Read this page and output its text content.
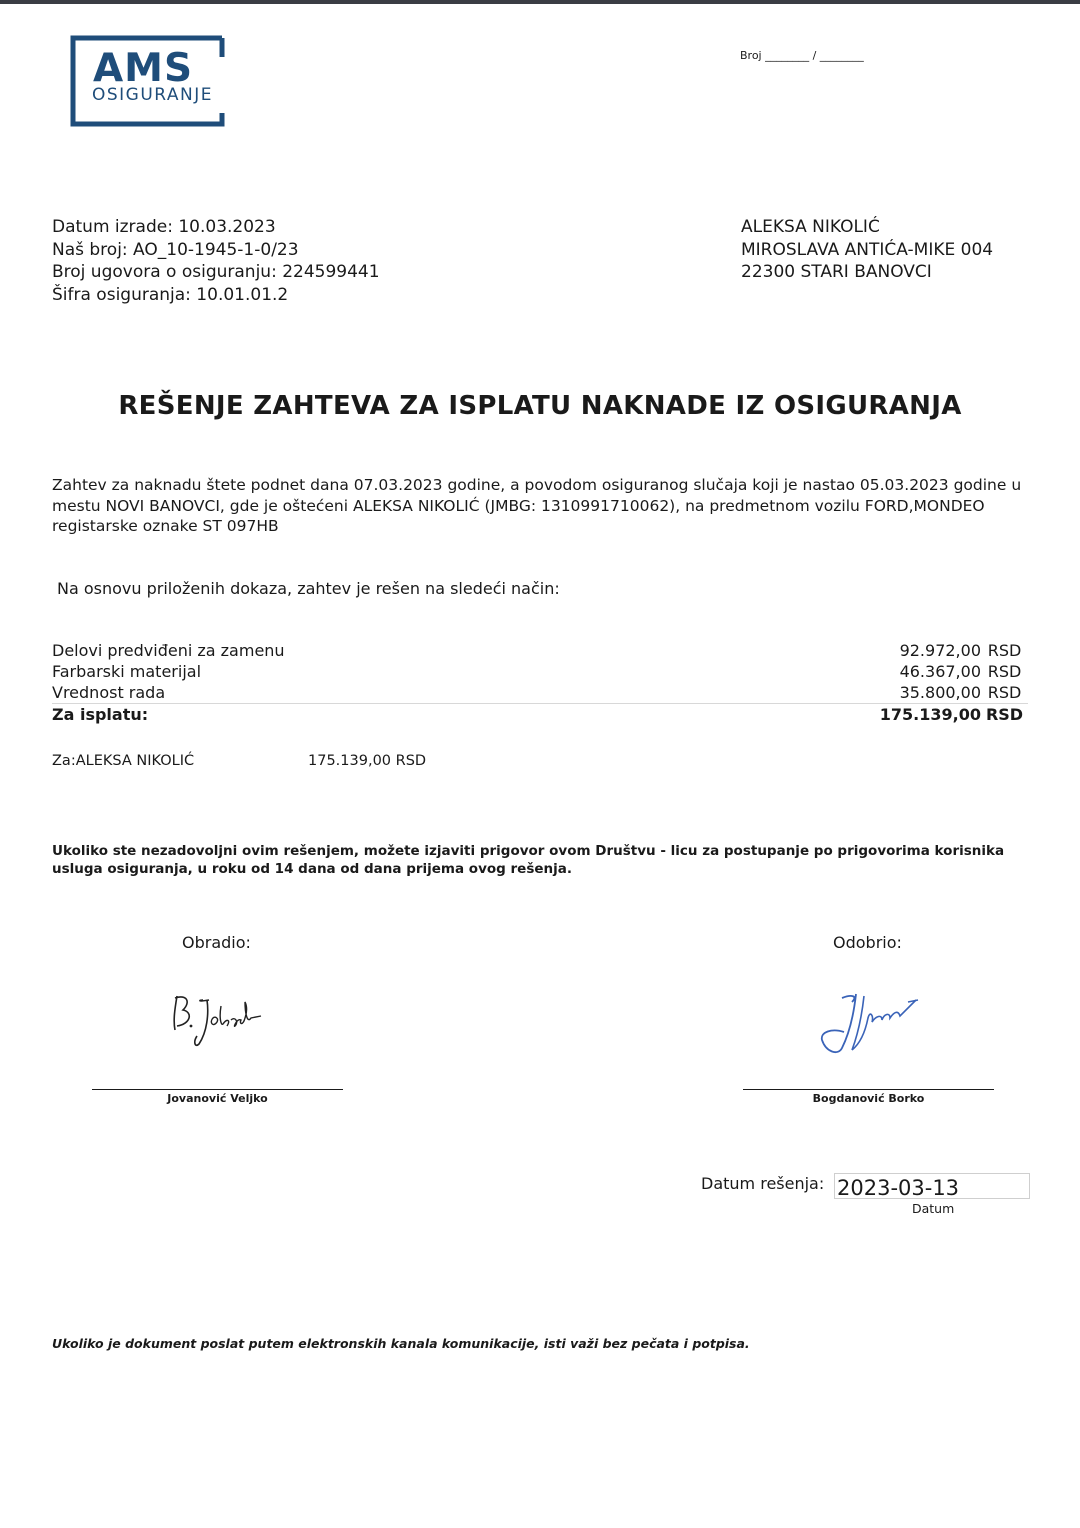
AMS
OSIGURANJE
Broj ________ / ________
Datum izrade: 10.03.2023
Naš broj: AO_10-1945-1-0/23
Broj ugovora o osiguranju: 224599441
Šifra osiguranja: 10.01.01.2
ALEKSA NIKOLIĆ
MIROSLAVA ANTIĆA-MIKE 004
22300 STARI BANOVCI
REŠENJE ZAHTEVA ZA ISPLATU NAKNADE IZ OSIGURANJA
Zahtev za naknadu štete podnet dana 07.03.2023 godine, a povodom osiguranog slučaja koji je nastao 05.03.2023 godine u mestu NOVI BANOVCI, gde je oštećeni ALEKSA NIKOLIĆ (JMBG: 1310991710062), na predmetnom vozilu FORD,MONDEO registarske oznake ST 097HB
Na osnovu priloženih dokaza, zahtev je rešen na sledeći način:
Delovi predviđeni za zamenu	92.972,00 RSD
Farbarski materijal	46.367,00 RSD
Vrednost rada	35.800,00 RSD
Za isplatu:	175.139,00 RSD
Za:ALEKSA NIKOLIĆ	175.139,00 RSD
Ukoliko ste nezadovoljni ovim rešenjem, možete izjaviti prigovor ovom Društvu - licu za postupanje po prigovorima korisnika usluga osiguranja, u roku od 14 dana od dana prijema ovog rešenja.
Obradio:	Odobrio:
Jovanović Veljko	Bogdanović Borko
Datum rešenja: 2023-03-13
Datum
Ukoliko je dokument poslat putem elektronskih kanala komunikacije, isti važi bez pečata i potpisa.
